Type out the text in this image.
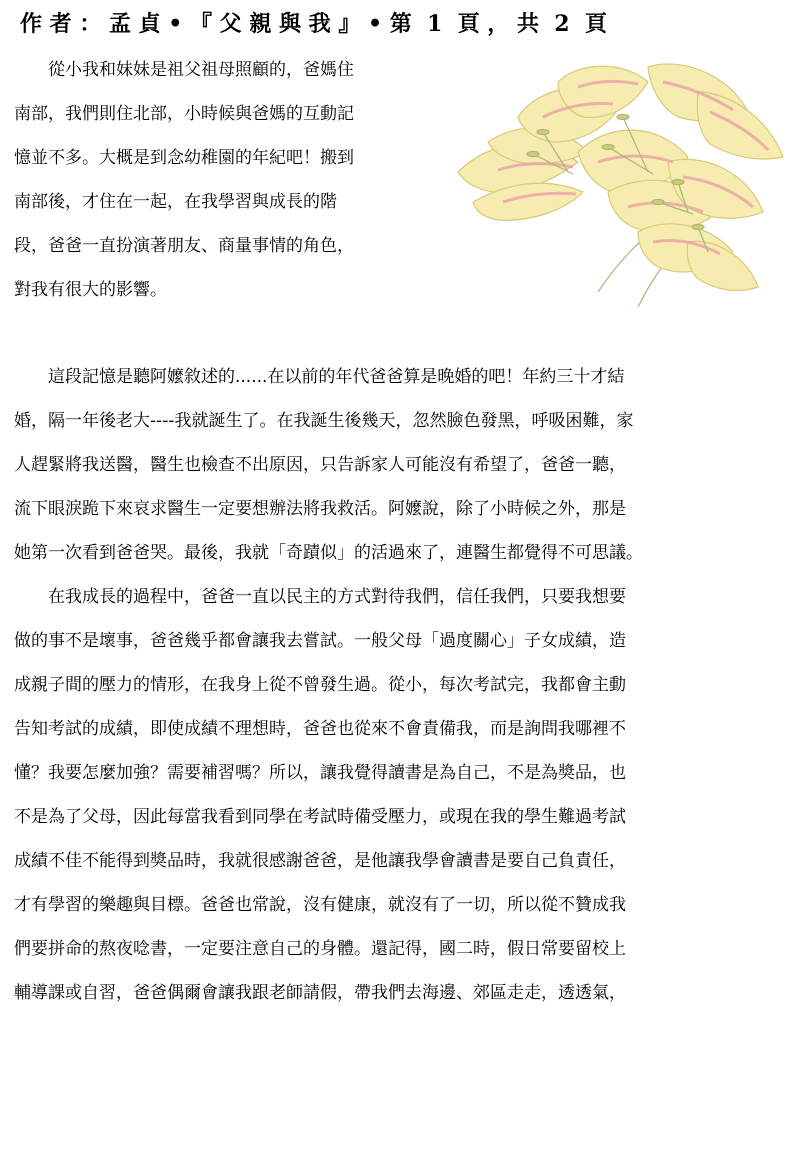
作 者 ： 孟 貞 • 『 父 親 與 我 』 • 第  1  頁 ， 共  2  頁
　　從小我和妹妹是祖父祖母照顧的，爸媽住
南部，我們則住北部，小時候與爸媽的互動記
憶並不多。大概是到念幼稚園的年紀吧！搬到
南部後，才住在一起，在我學習與成長的階
段，爸爸一直扮演著朋友、商量事情的角色，
對我有很大的影響。
　　這段記憶是聽阿嬤敘述的......在以前的年代爸爸算是晚婚的吧！年約三十才結
婚，隔一年後老大----我就誕生了。在我誕生後幾天，忽然臉色發黑，呼吸困難，家
人趕緊將我送醫，醫生也檢查不出原因，只告訴家人可能沒有希望了，爸爸一聽，
流下眼淚跪下來哀求醫生一定要想辦法將我救活。阿嬤說，除了小時候之外，那是
她第一次看到爸爸哭。最後，我就「奇蹟似」的活過來了，連醫生都覺得不可思議。
　　在我成長的過程中，爸爸一直以民主的方式對待我們，信任我們，只要我想要
做的事不是壞事，爸爸幾乎都會讓我去嘗試。一般父母「過度關心」子女成績，造
成親子間的壓力的情形，在我身上從不曾發生過。從小，每次考試完，我都會主動
告知考試的成績，即使成績不理想時，爸爸也從來不會責備我，而是詢問我哪裡不
懂？我要怎麼加強？需要補習嗎？所以，讓我覺得讀書是為自己，不是為獎品，也
不是為了父母，因此每當我看到同學在考試時備受壓力，或現在我的學生難過考試
成績不佳不能得到獎品時，我就很感謝爸爸，是他讓我學會讀書是要自己負責任，
才有學習的樂趣與目標。爸爸也常說，沒有健康，就沒有了一切，所以從不贊成我
們要拼命的熬夜唸書，一定要注意自己的身體。還記得，國二時，假日常要留校上
輔導課或自習，爸爸偶爾會讓我跟老師請假，帶我們去海邊、郊區走走，透透氣，
